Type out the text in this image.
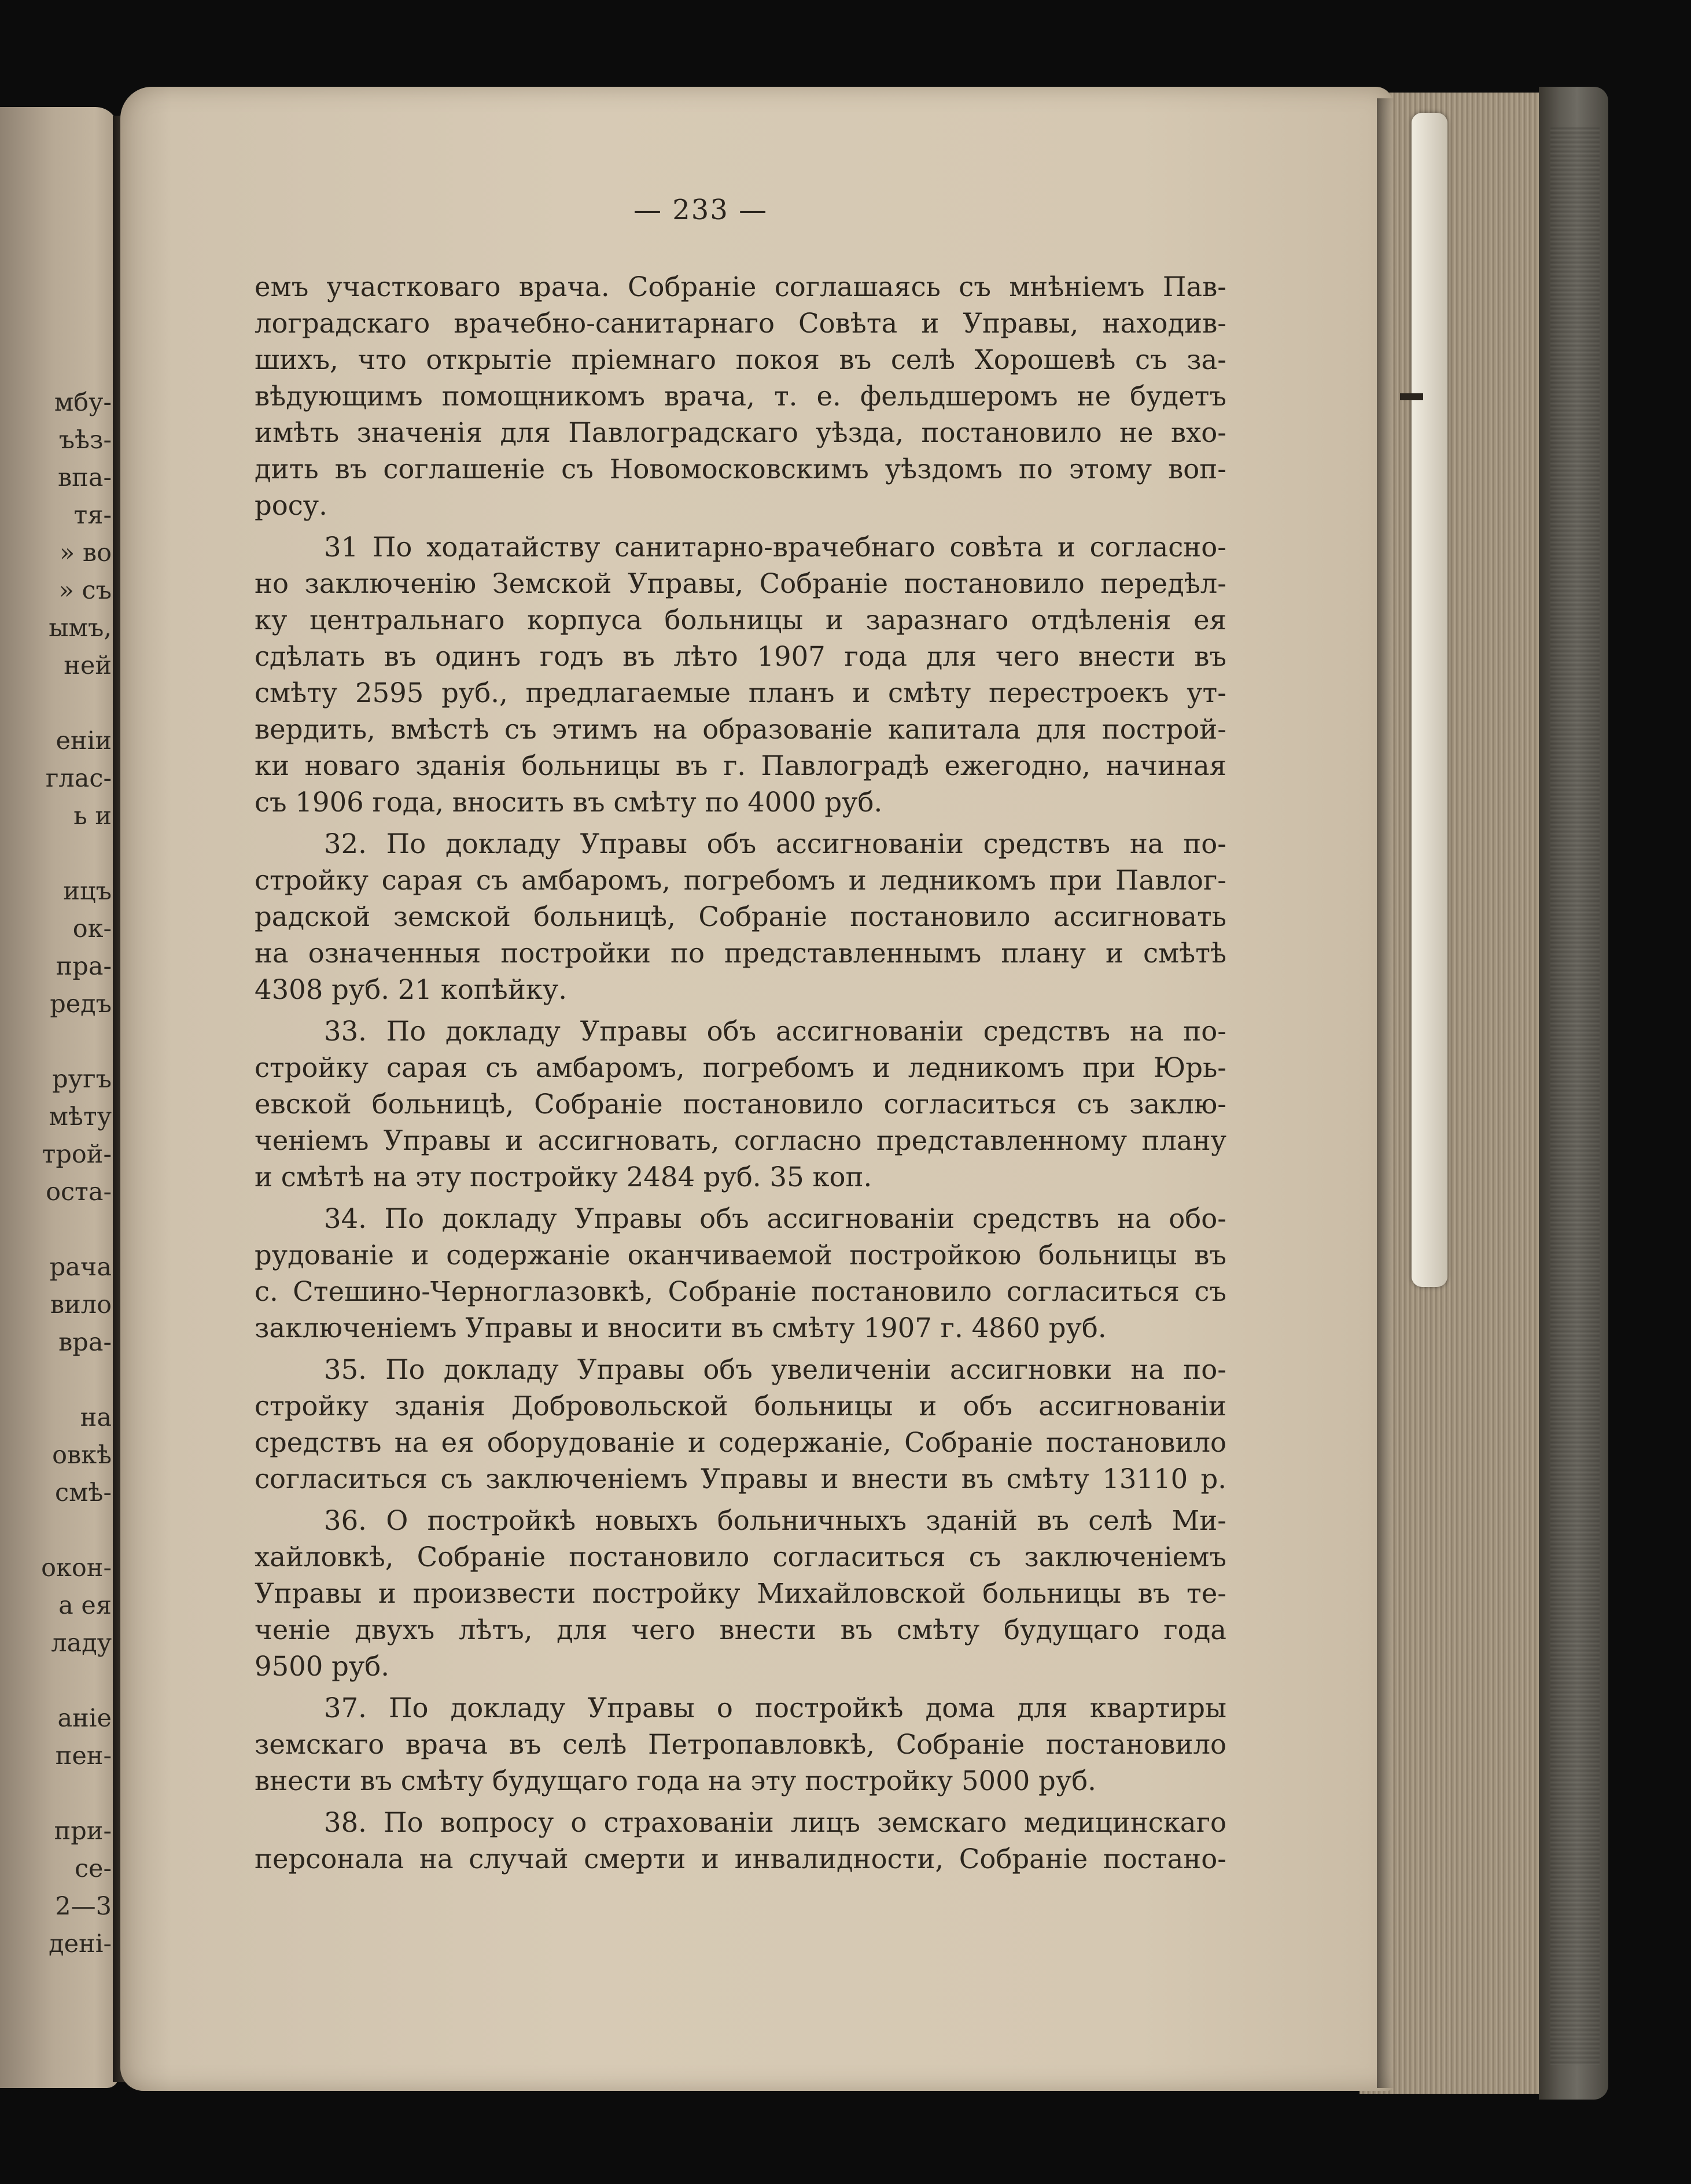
мбу-
ъѣз-
впа-
тя-
» во
» съ
ымъ,
ней
еніи
глас-
ь и
ицъ
ок-
пра-
редъ
ругъ
мѣту
трой-
оста-
рача
вило
вра-
на
овкѣ
смѣ-
окон-
а ея
ладу
аніе
пен-
при-
се-
2—3
дені-
— 233 —
емъ участковаго врача. Собраніе соглашаясь съ мнѣніемъ Пав-
лоградскаго врачебно-санитарнаго Совѣта и Управы, находив-
шихъ, что открытіе пріемнаго покоя въ селѣ Хорошевѣ съ за-
вѣдующимъ помощникомъ врача, т. е. фельдшеромъ не будетъ
имѣть значенія для Павлоградскаго уѣзда, постановило не вхо-
дить въ соглашеніе съ Новомосковскимъ уѣздомъ по этому воп-
росу.
31 По ходатайству санитарно-врачебнаго совѣта и согласно-
но заключенію Земской Управы, Собраніе постановило передѣл-
ку центральнаго корпуса больницы и заразнаго отдѣленія ея
сдѣлать въ одинъ годъ въ лѣто 1907 года для чего внести въ
смѣту 2595 руб., предлагаемые планъ и смѣту перестроекъ ут-
вердить, вмѣстѣ съ этимъ на образованіе капитала для построй-
ки новаго зданія больницы въ г. Павлоградѣ ежегодно, начиная
съ 1906 года, вносить въ смѣту по 4000 руб.
32. По докладу Управы объ ассигнованіи средствъ на по-
стройку сарая съ амбаромъ, погребомъ и ледникомъ при Павлог-
радской земской больницѣ, Собраніе постановило ассигновать
на означенныя постройки по представленнымъ плану и смѣтѣ
4308 руб. 21 копѣйку.
33. По докладу Управы объ ассигнованіи средствъ на по-
стройку сарая съ амбаромъ, погребомъ и ледникомъ при Юрь-
евской больницѣ, Собраніе постановило согласиться съ заклю-
ченіемъ Управы и ассигновать, согласно представленному плану
и смѣтѣ на эту постройку 2484 руб. 35 коп.
34. По докладу Управы объ ассигнованіи средствъ на обо-
рудованіе и содержаніе оканчиваемой постройкою больницы въ
с. Стешино-Черноглазовкѣ, Собраніе постановило согласиться съ
заключеніемъ Управы и вносити въ смѣту 1907 г. 4860 руб.
35. По докладу Управы объ увеличеніи ассигновки на по-
стройку зданія Добровольской больницы и объ ассигнованіи
средствъ на ея оборудованіе и содержаніе, Собраніе постановило
согласиться съ заключеніемъ Управы и внести въ смѣту 13110 р.
36. О постройкѣ новыхъ больничныхъ зданій въ селѣ Ми-
хайловкѣ, Собраніе постановило согласиться съ заключеніемъ
Управы и произвести постройку Михайловской больницы въ те-
ченіе двухъ лѣтъ, для чего внести въ смѣту будущаго года
9500 руб.
37. По докладу Управы о постройкѣ дома для квартиры
земскаго врача въ селѣ Петропавловкѣ, Собраніе постановило
внести въ смѣту будущаго года на эту постройку 5000 руб.
38. По вопросу о страхованіи лицъ земскаго медицинскаго
персонала на случай смерти и инвалидности, Собраніе постано-
